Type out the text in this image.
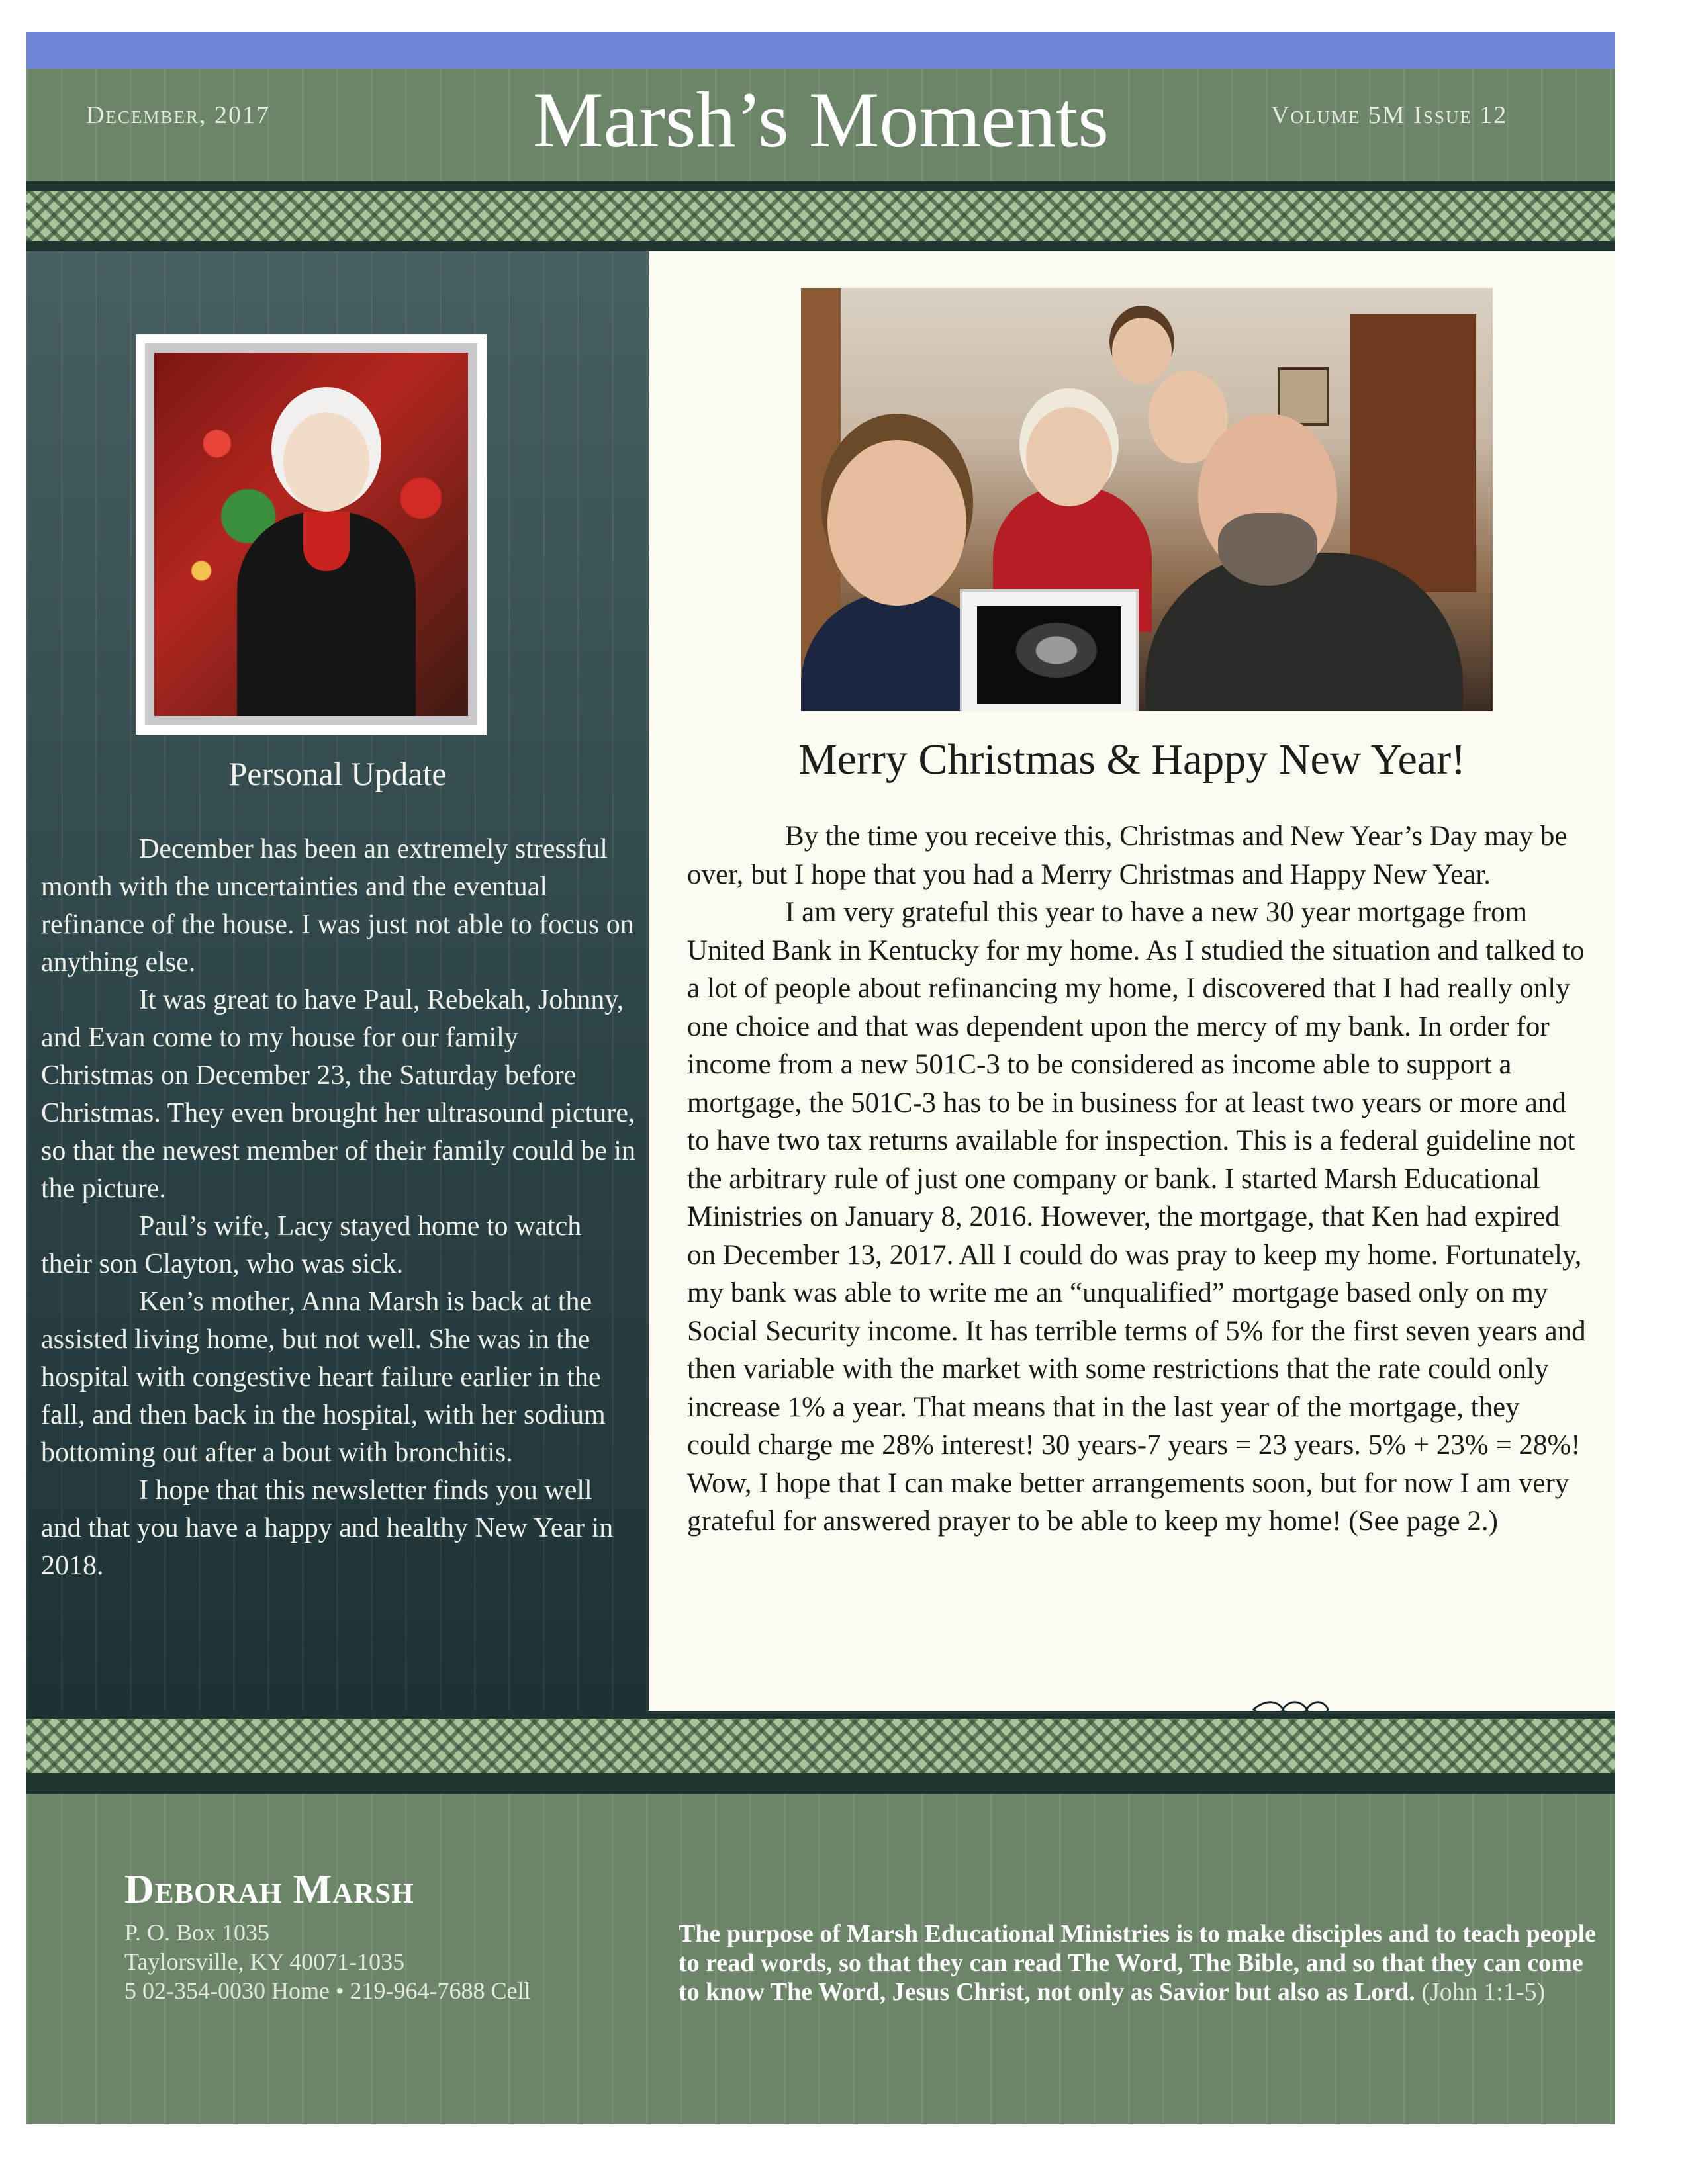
December, 2017	Marsh’s Moments	Volume 5M Issue 12
Personal Update

December has been an extremely stressful month with the uncertainties and the eventual refinance of the house. I was just not able to focus on anything else.

It was great to have Paul, Rebekah, Johnny, and Evan come to my house for our family Christmas on December 23, the Saturday before Christmas. They even brought her ultrasound picture, so that the newest member of their family could be in the picture.

Paul’s wife, Lacy stayed home to watch their son Clayton, who was sick.

Ken’s mother, Anna Marsh is back at the assisted living home, but not well. She was in the hospital with congestive heart failure earlier in the fall, and then back in the hospital, with her sodium bottoming out after a bout with bronchitis.

I hope that this newsletter finds you well and that you have a happy and healthy New Year in 2018.

Merry Christmas & Happy New Year!

By the time you receive this, Christmas and New Year’s Day may be over, but I hope that you had a Merry Christmas and Happy New Year.

I am very grateful this year to have a new 30 year mortgage from United Bank in Kentucky for my home. As I studied the situation and talked to a lot of people about refinancing my home, I discovered that I had really only one choice and that was dependent upon the mercy of my bank. In order for income from a new 501C-3 to be considered as income able to support a mortgage, the 501C-3 has to be in business for at least two years or more and to have two tax returns available for inspection. This is a federal guideline not the arbitrary rule of just one company or bank. I started Marsh Educational Ministries on January 8, 2016. However, the mortgage, that Ken had expired on December 13, 2017. All I could do was pray to keep my home. Fortunately, my bank was able to write me an “unqualified” mortgage based only on my Social Security income. It has terrible terms of 5% for the first seven years and then variable with the market with some restrictions that the rate could only increase 1% a year. That means that in the last year of the mortgage, they could charge me 28% interest! 30 years-7 years = 23 years. 5% + 23% = 28%! Wow, I hope that I can make better arrangements soon, but for now I am very grateful for answered prayer to be able to keep my home! (See page 2.)

Deborah Marsh
P. O. Box 1035
Taylorsville, KY 40071-1035
5 02-354-0030 Home • 219-964-7688 Cell
The purpose of Marsh Educational Ministries is to make disciples and to teach people to read words, so that they can read The Word, The Bible, and so that they can come to know The Word, Jesus Christ, not only as Savior but also as Lord. (John 1:1-5)
